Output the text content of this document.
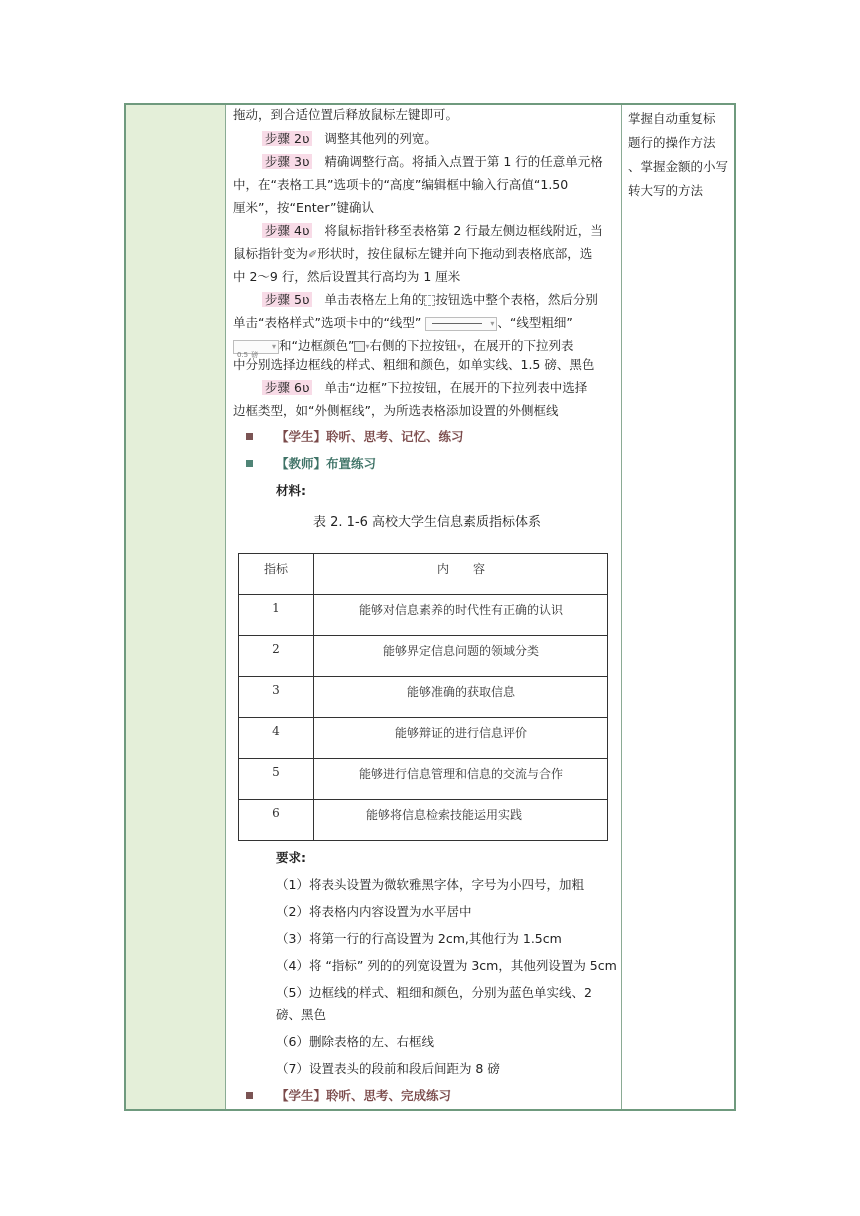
掌握自动重复标
题行的操作方法
、掌握金额的小写
转大写的方法
拖动，到合适位置后释放鼠标左键即可。
步骤 2ʋ 调整其他列的列宽。
步骤 3ʋ 精确调整行高。将插入点置于第 1 行的任意单元格
中，在“表格工具”选项卡的“高度”编辑框中输入行高值“1.50
厘米”，按“Enter”键确认
步骤 4ʋ 将鼠标指针移至表格第 2 行最左侧边框线附近，当
鼠标指针变为✐形状时，按住鼠标左键并向下拖动到表格底部，选
中 2～9 行，然后设置其行高均为 1 厘米
步骤 5ʋ 单击表格左上角的 按钮选中整个表格，然后分别
单击“表格样式”选项卡中的“线型”	▾ 、“线型粗细”
0.5 磅
▾ 和“边框颜色” ▾右侧的下拉按钮▾，在展开的下拉列表
中分别选择边框线的样式、粗细和颜色，如单实线、1.5 磅、黑色
步骤 6ʋ 单击“边框”下拉按钮，在展开的下拉列表中选择
边框类型，如“外侧框线”，为所选表格添加设置的外侧框线
【学生】聆听、思考、记忆、练习
【教师】布置练习
材料:
表 2. 1-6 高校大学生信息素质指标体系
指标	内　　容
1	能够对信息素养的时代性有正确的认识
2	能够界定信息问题的领域分类
3	能够准确的获取信息
4	能够辩证的进行信息评价
5	能够进行信息管理和信息的交流与合作
6	能够将信息检索技能运用实践
要求:
（1）将表头设置为微软雅黑字体，字号为小四号，加粗
（2）将表格内内容设置为水平居中
（3）将第一行的行高设置为 2cm,其他行为 1.5cm
（4）将 “指标” 列的的列宽设置为 3cm，其他列设置为 5cm
（5）边框线的样式、粗细和颜色，分别为蓝色单实线、2
磅、黑色
（6）删除表格的左、右框线
（7）设置表头的段前和段后间距为 8 磅
【学生】聆听、思考、完成练习
